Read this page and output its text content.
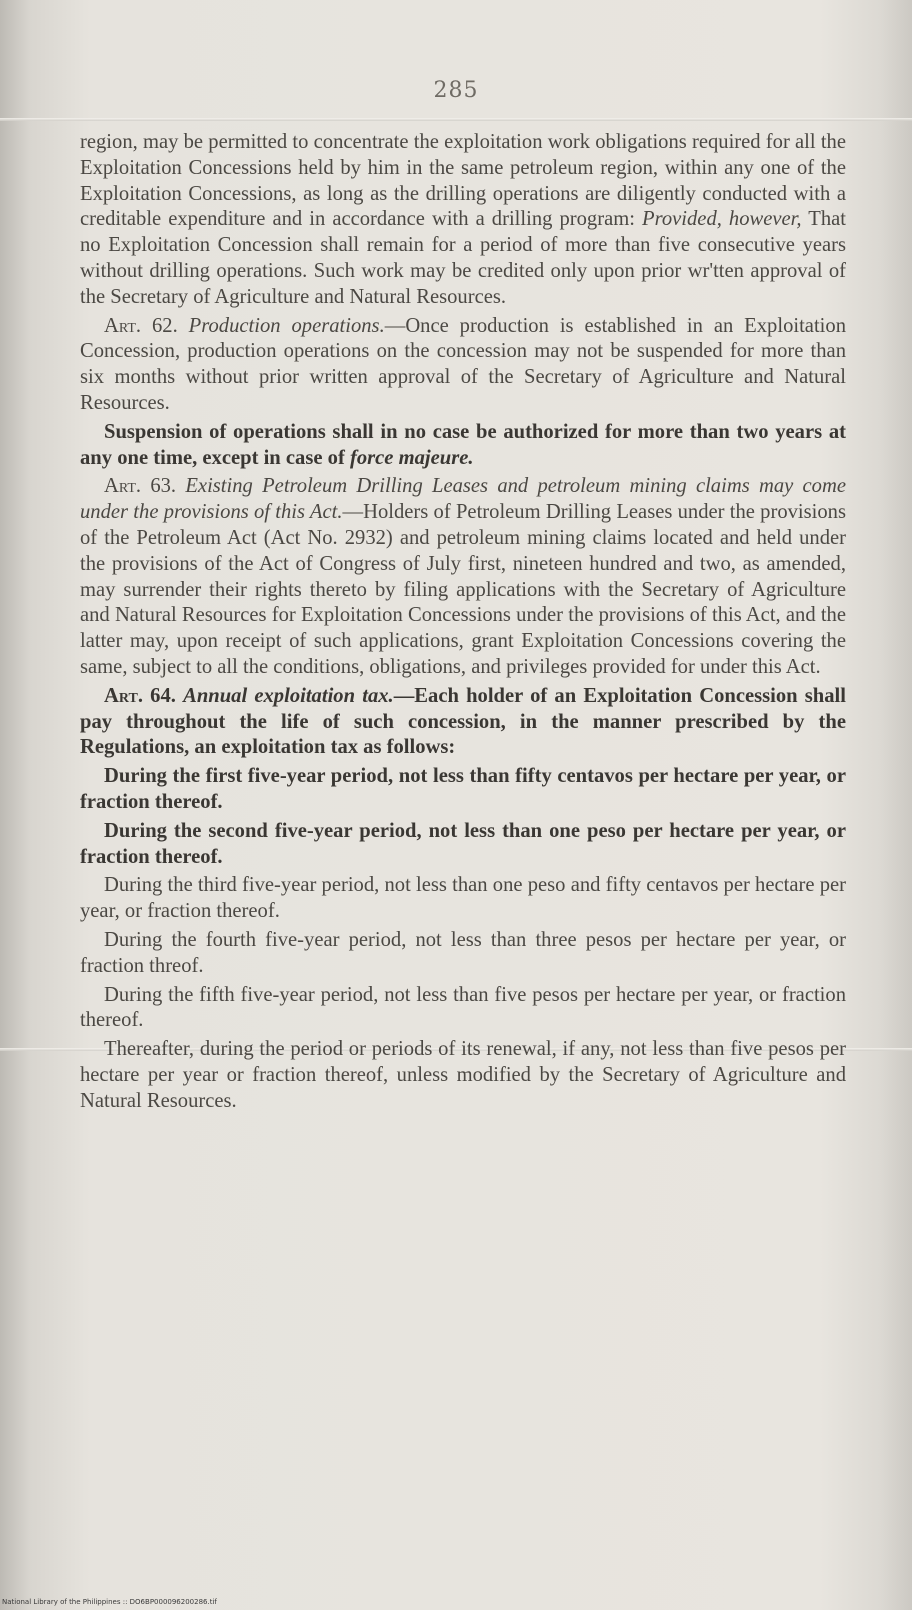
285

region, may be permitted to concentrate the exploitation work obligations required for all the Exploitation Concessions held by him in the same petroleum region, within any one of the Exploitation Concessions, as long as the drilling operations are diligently conducted with a creditable expenditure and in accordance with a drilling program: Provided, however, That no Exploitation Concession shall remain for a period of more than five consecutive years without drilling operations. Such work may be credited only upon prior wr'tten approval of the Secretary of Agriculture and Natural Resources.

Art. 62. Production operations.—Once production is established in an Exploitation Concession, production operations on the concession may not be suspended for more than six months without prior written approval of the Secretary of Agriculture and Natural Resources.

Suspension of operations shall in no case be authorized for more than two years at any one time, except in case of force majeure.

Art. 63. Existing Petroleum Drilling Leases and petroleum mining claims may come under the provisions of this Act.—Holders of Petroleum Drilling Leases under the provisions of the Petroleum Act (Act No. 2932) and petroleum mining claims located and held under the provisions of the Act of Congress of July first, nineteen hundred and two, as amended, may surrender their rights thereto by filing applications with the Secretary of Agriculture and Natural Resources for Exploitation Concessions under the provisions of this Act, and the latter may, upon receipt of such applications, grant Exploitation Concessions covering the same, subject to all the conditions, obligations, and privileges provided for under this Act.

Art. 64. Annual exploitation tax.—Each holder of an Exploitation Concession shall pay throughout the life of such concession, in the manner prescribed by the Regulations, an exploitation tax as follows:

During the first five-year period, not less than fifty centavos per hectare per year, or fraction thereof.

During the second five-year period, not less than one peso per hectare per year, or fraction thereof.

During the third five-year period, not less than one peso and fifty centavos per hectare per year, or fraction thereof.

During the fourth five-year period, not less than three pesos per hectare per year, or fraction threof.

During the fifth five-year period, not less than five pesos per hectare per year, or fraction thereof.

Thereafter, during the period or periods of its renewal, if any, not less than five pesos per hectare per year or fraction thereof, unless modified by the Secretary of Agriculture and Natural Resources.

National Library of the Philippines :: DO6BP000096200286.tif
